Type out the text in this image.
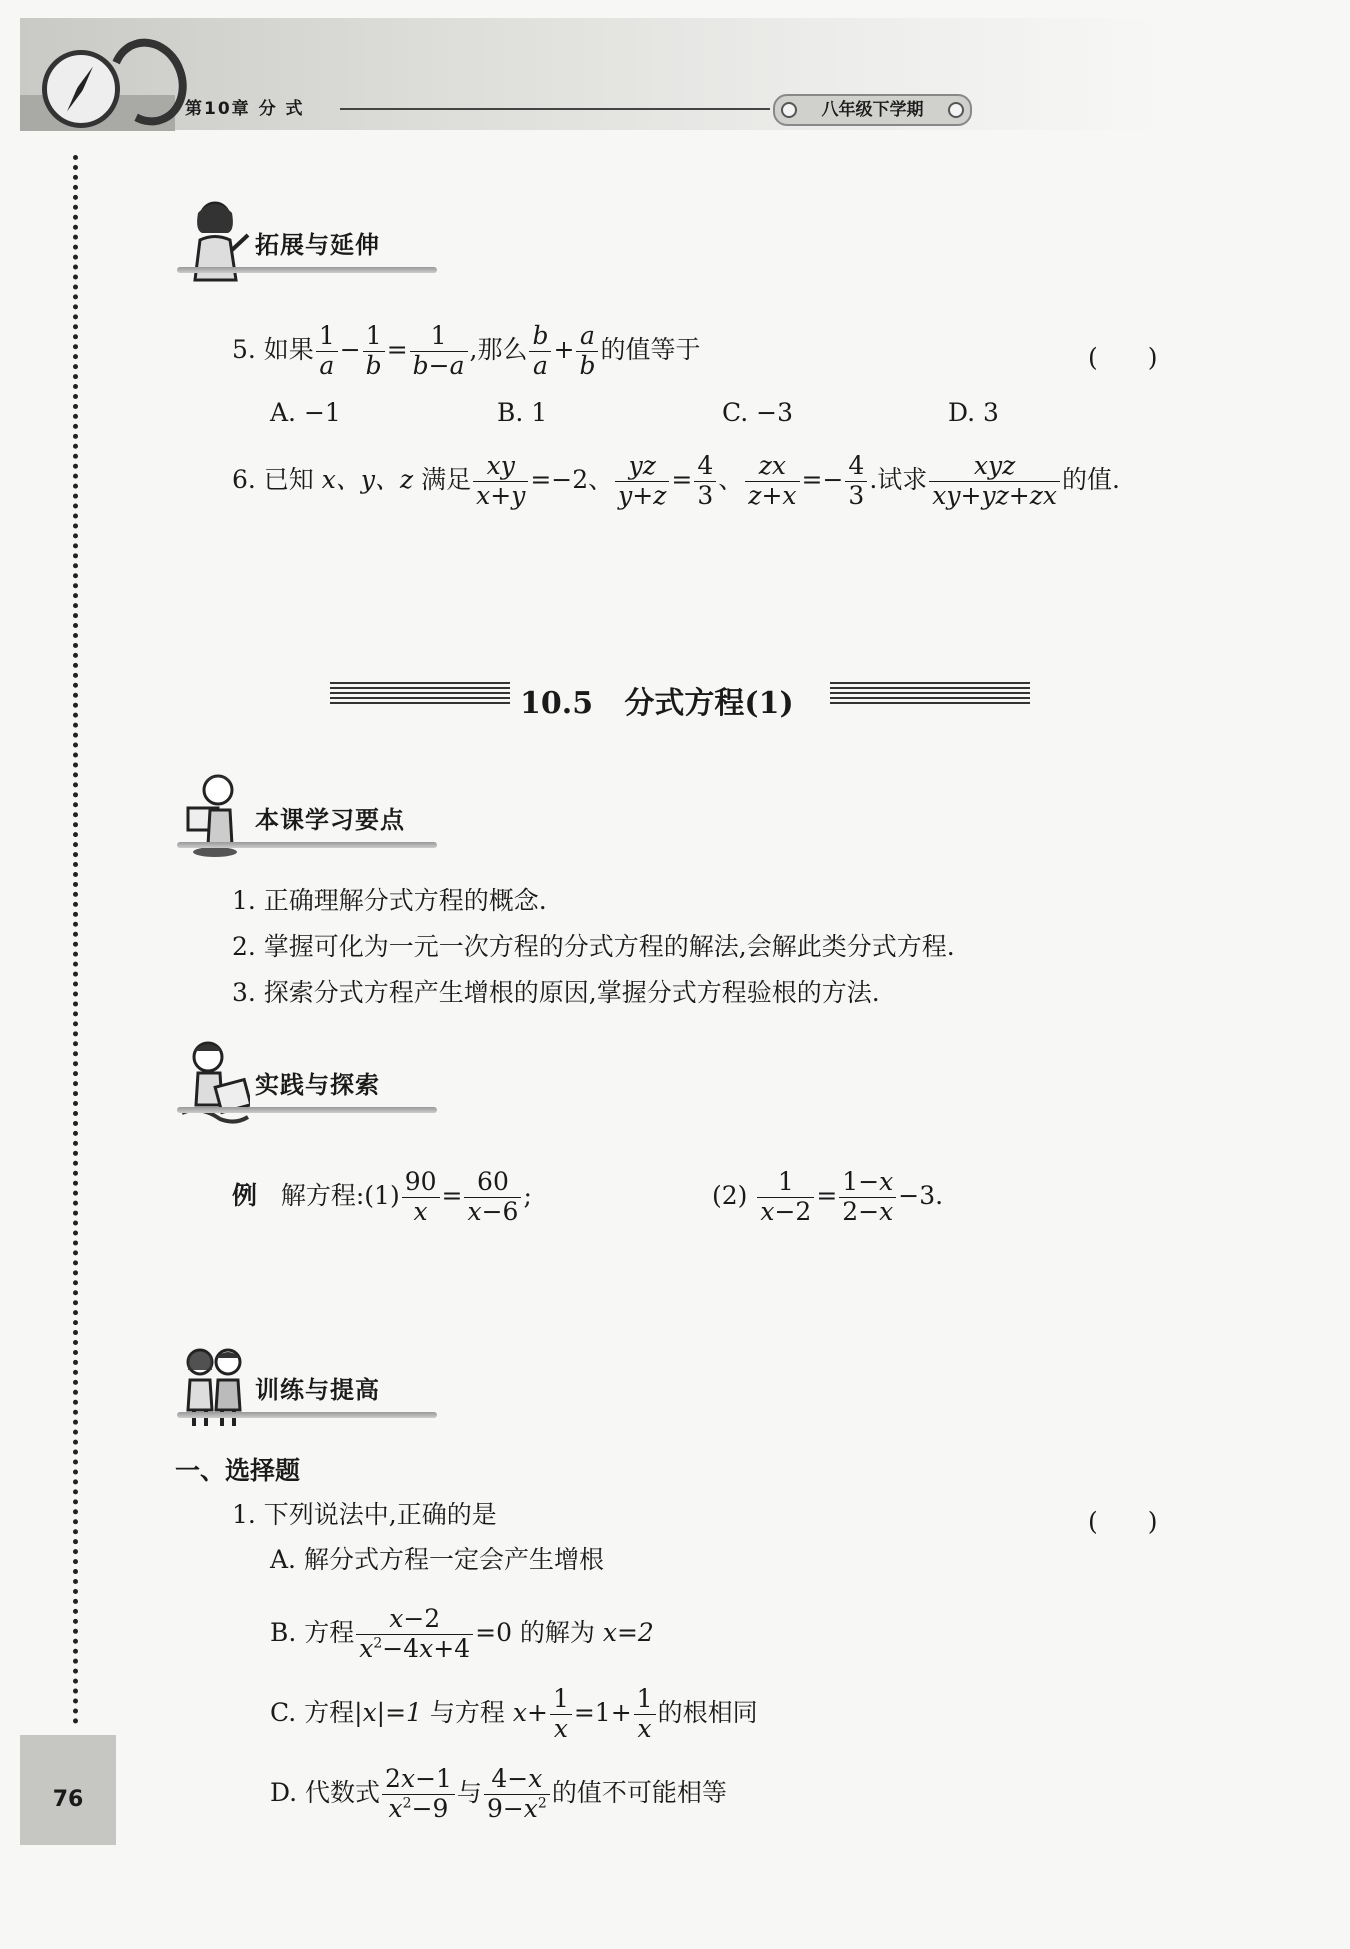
第10章 分 式	八年级下学期
拓展与延伸
5. 如果 $\frac{1}{a} - \frac{1}{b} = \frac{1}{b-a}$ ,那么 $\frac{b}{a} + \frac{a}{b}$ 的值等于	(　　)
A. −1	B. 1	C. −3	D. 3
6. 已知 x、y、z 满足 $\frac{xy}{x+y} =-2$、 $\frac{yz}{y+z} = \frac{4}{3}$ 、 $\frac{zx}{z+x} =- \frac{4}{3}$ .试求 $\frac{\text{xyz}}{xy+yz+zx}$ 的值.
10.5 分式方程(1)
本课学习要点
1. 正确理解分式方程的概念.
2. 掌握可化为一元一次方程的分式方程的解法,会解此类分式方程.
3. 探索分式方程产生增根的原因,掌握分式方程验根的方法.
实践与探索
例 解方程:(1) $\frac{90}{x} = \frac{60}{x-6}$ ;	$(2) \frac{1}{x-2} = \frac{1-x}{2-x} -3$.
训练与提高
一、选择题
1. 下列说法中,正确的是	(　　)
A. 解分式方程一定会产生增根
B. 方程 $\frac{x-2}{x^2-4x+4} =0$ 的解为 x=2
C. 方程|x|=1 与方程 $x+ \frac{1}{x} =1+ \frac{1}{x}$ 的根相同
D. 代数式 $\frac{2x-1}{x^2-9}$ 与 $\frac{4-x}{9-x^2}$ 的值不可能相等
76
